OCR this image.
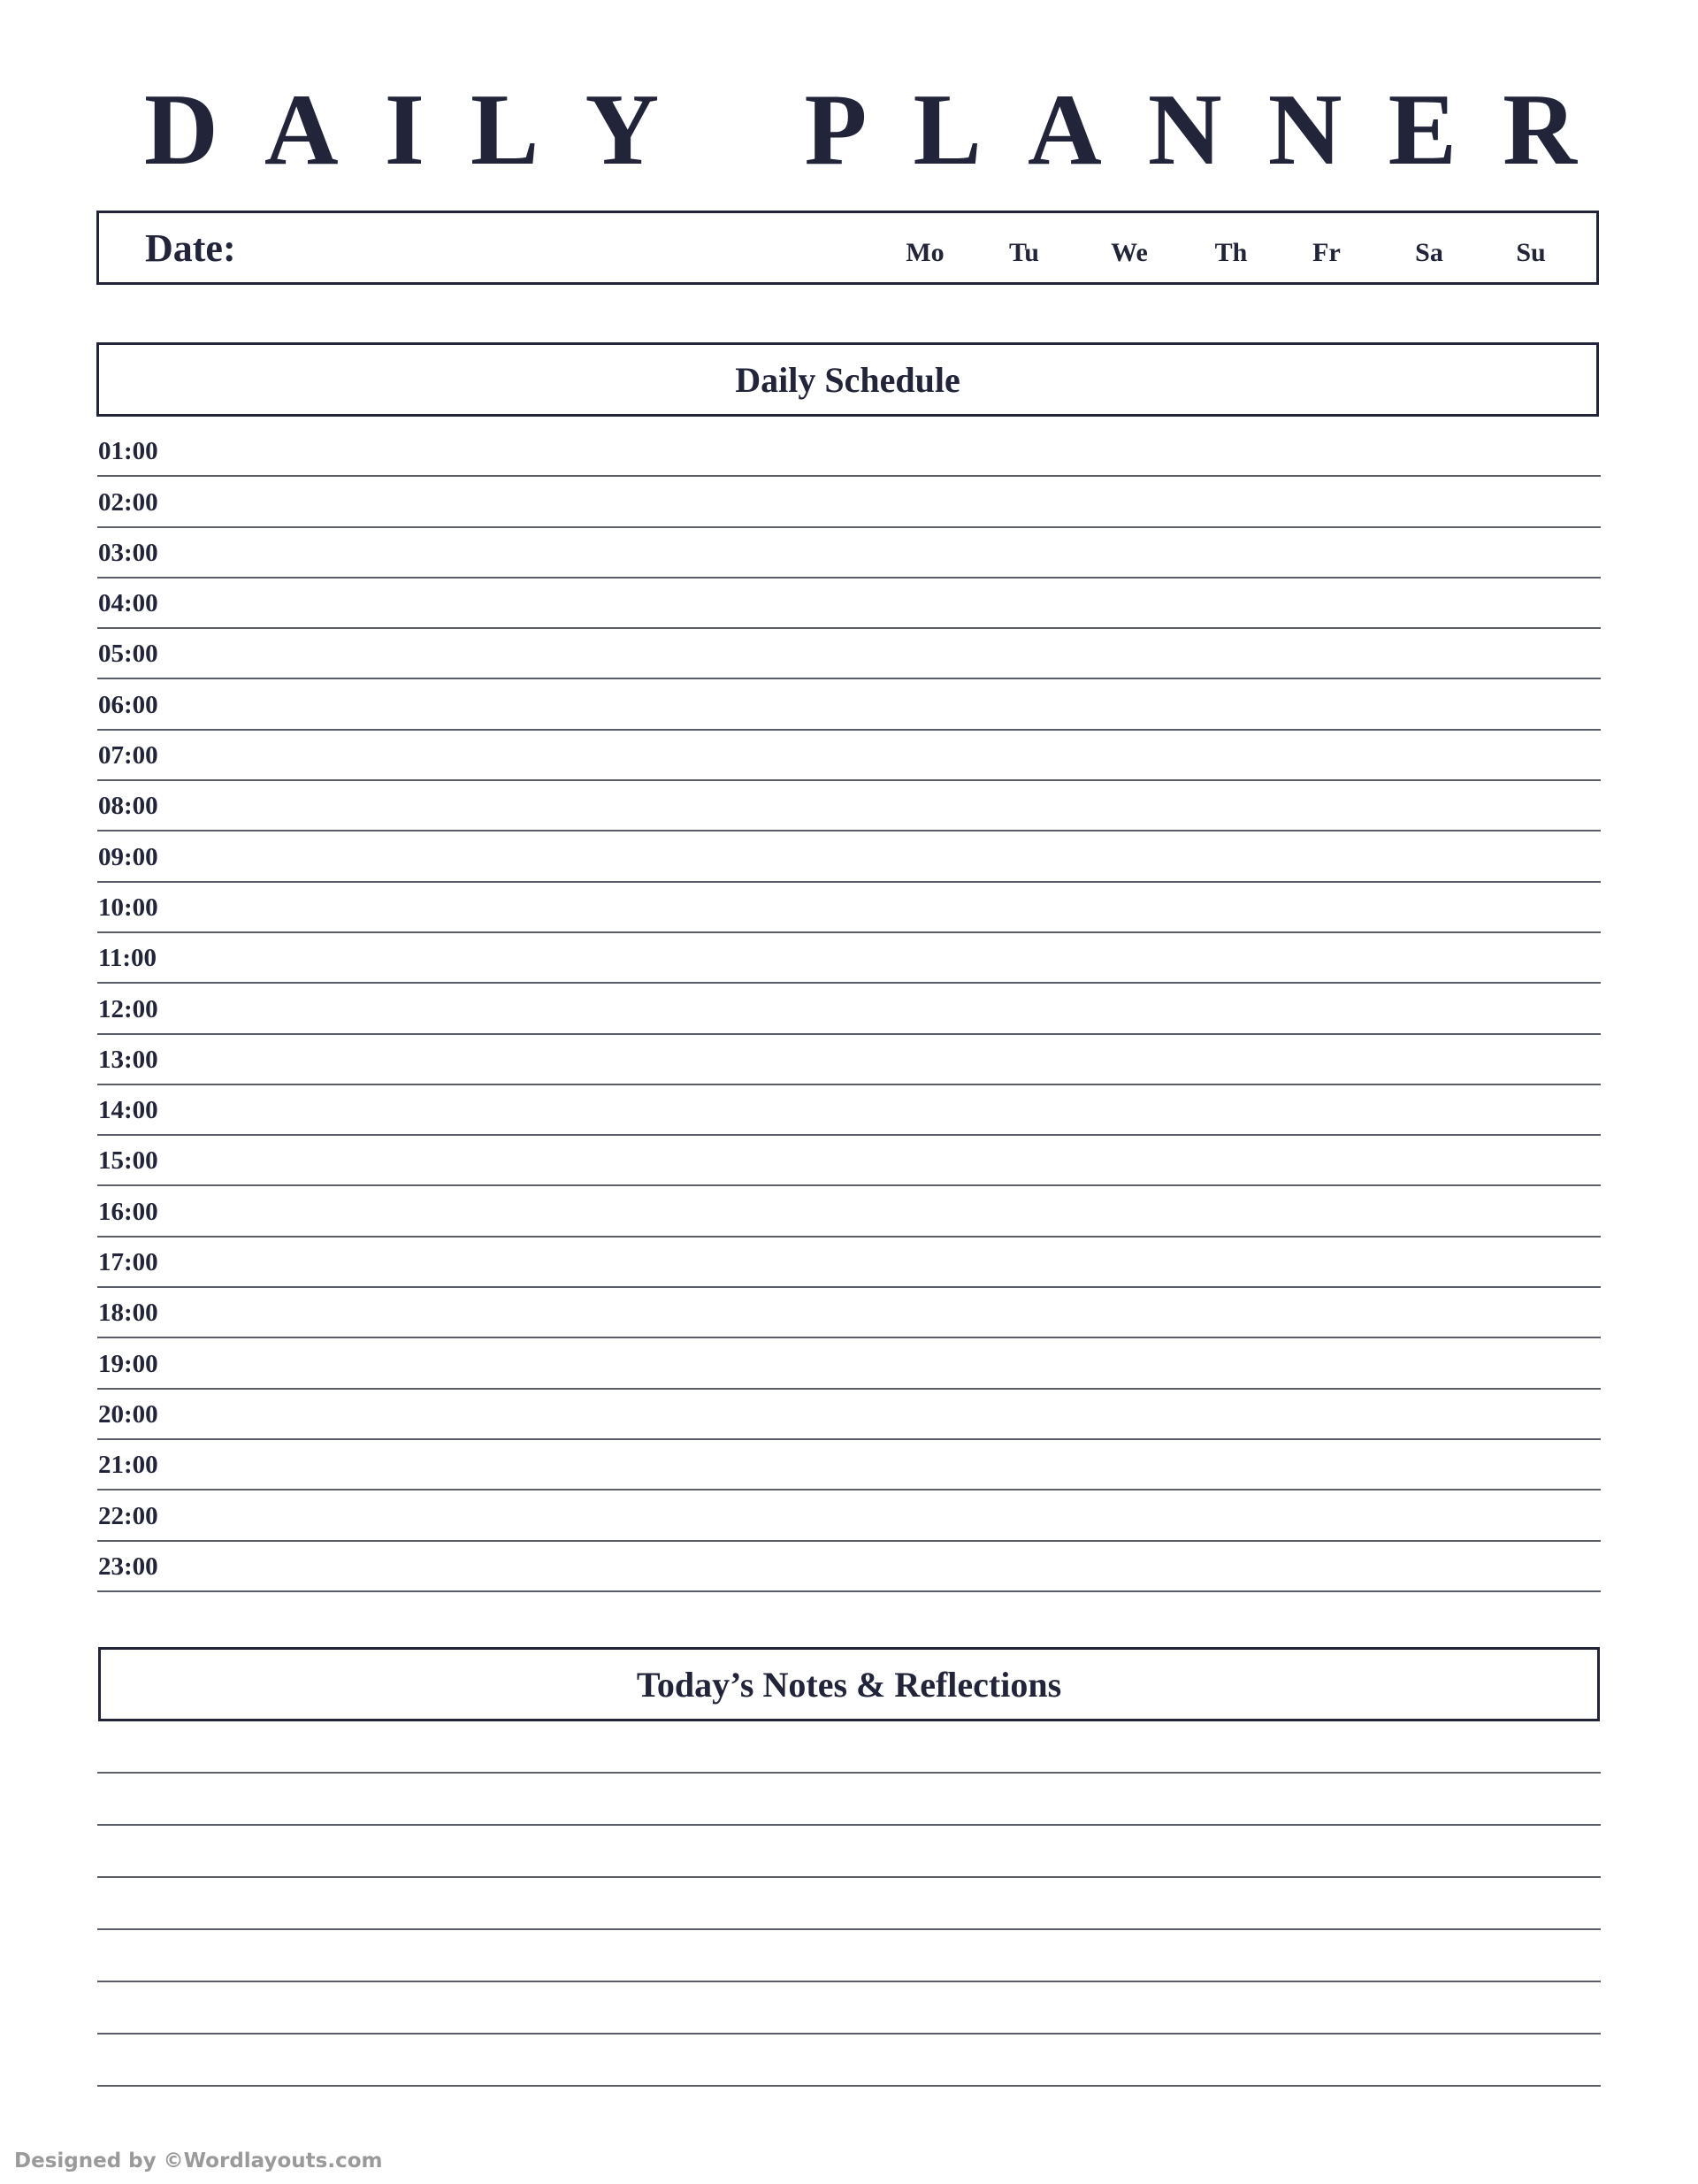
D A I L Y P L A N N E R
Date:	Mo	Tu	We	Th	Fr	Sa	Su
Daily Schedule
01:00
02:00
03:00
04:00
05:00
06:00
07:00
08:00
09:00
10:00
11:00
12:00
13:00
14:00
15:00
16:00
17:00
18:00
19:00
20:00
21:00
22:00
23:00
Today’s Notes & Reflections
Designed by ©Wordlayouts.com
